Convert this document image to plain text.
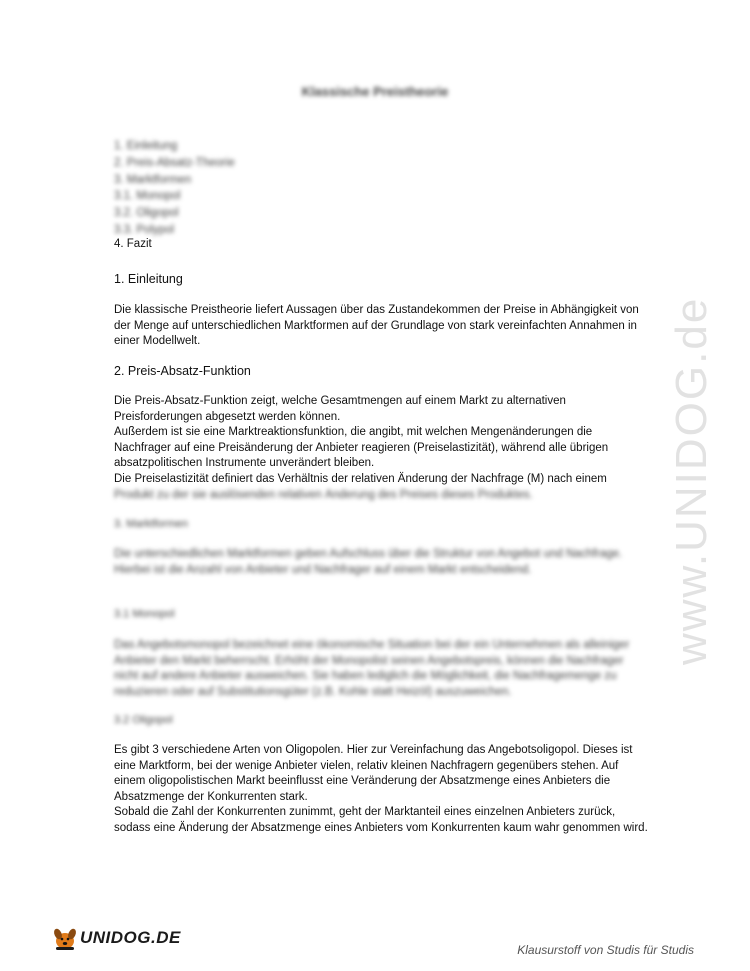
Klassische Preistheorie
1. Einleitung
2. Preis-Absatz-Theorie
3. Marktformen
3.1. Monopol
3.2. Oligopol
3.3. Polypol
4. Fazit
1. Einleitung

Die klassische Preistheorie liefert Aussagen über das Zustandekommen der Preise in Abhängigkeit von der Menge auf unterschiedlichen Marktformen auf der Grundlage von stark vereinfachten Annahmen in einer Modellwelt.

2. Preis-Absatz-Funktion

Die Preis-Absatz-Funktion zeigt, welche Gesamtmengen auf einem Markt zu alternativen Preisforderungen abgesetzt werden können.

Außerdem ist sie eine Marktreaktionsfunktion, die angibt, mit welchen Mengenänderungen die Nachfrager auf eine Preisänderung der Anbieter reagieren (Preiselastizität), während alle übrigen absatzpolitischen Instrumente unverändert bleiben.

Die Preiselastizität definiert das Verhältnis der relativen Änderung der Nachfrage (M) nach einem

Produkt zu der sie auslösenden relativen Änderung des Preises dieses Produktes.

3. Marktformen

Die unterschiedlichen Marktformen geben Aufschluss über die Struktur von Angebot und Nachfrage. Hierbei ist die Anzahl von Anbieter und Nachfrager auf einem Markt entscheidend.

3.1 Monopol

Das Angebotsmonopol bezeichnet eine ökonomische Situation bei der ein Unternehmen als alleiniger Anbieter den Markt beherrscht. Erhöht der Monopolist seinen Angebotspreis, können die Nachfrager nicht auf andere Anbieter ausweichen. Sie haben lediglich die Möglichkeit, die Nachfragemenge zu reduzieren oder auf Substitutionsgüter (z.B. Kohle statt Heizöl) auszuweichen.

3.2 Oligopol

Es gibt 3 verschiedene Arten von Oligopolen. Hier zur Vereinfachung das Angebotsoligopol. Dieses ist eine Marktform, bei der wenige Anbieter vielen, relativ kleinen Nachfragern gegenübers stehen. Auf einem oligopolistischen Markt beeinflusst eine Veränderung der Absatzmenge eines Anbieters die Absatzmenge der Konkurrenten stark.

Sobald die Zahl der Konkurrenten zunimmt, geht der Marktanteil eines einzelnen Anbieters zurück, sodass eine Änderung der Absatzmenge eines Anbieters vom Konkurrenten kaum wahr genommen wird.

www.UNIDOG.de
UNIDOG.DE
Klausurstoff von Studis für Studis
